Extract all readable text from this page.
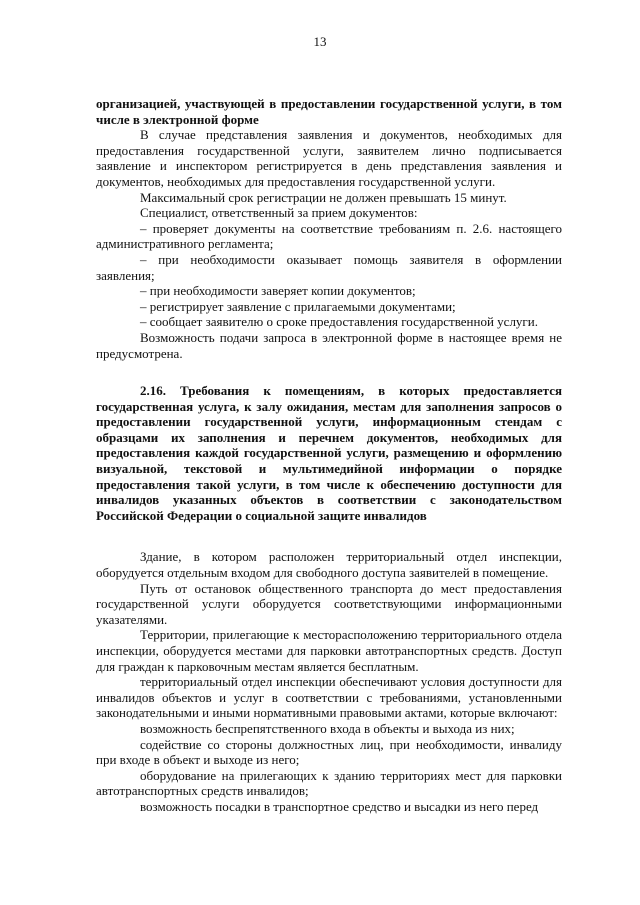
13

организацией, участвующей в предоставлении государственной услуги, в том числе в электронной форме

В случае представления заявления и документов, необходимых для предоставления государственной услуги, заявителем лично подписывается заявление и инспектором регистрируется в день представления заявления и документов, необходимых для предоставления государственной услуги.

Максимальный срок регистрации не должен превышать 15 минут.

Специалист, ответственный за прием документов:

– проверяет документы на соответствие требованиям п. 2.6. настоящего административного регламента;

– при необходимости оказывает помощь заявителя в оформлении заявления;

– при необходимости заверяет копии документов;

– регистрирует заявление с прилагаемыми документами;

– сообщает заявителю о сроке предоставления государственной услуги.

Возможность подачи запроса в электронной форме в настоящее время не предусмотрена.

2.16. Требования к помещениям, в которых предоставляется государственная услуга, к залу ожидания, местам для заполнения запросов о предоставлении государственной услуги, информационным стендам с образцами их заполнения и перечнем документов, необходимых для предоставления каждой государственной услуги, размещению и оформлению визуальной, текстовой и мультимедийной информации о порядке предоставления такой услуги, в том числе к обеспечению доступности для инвалидов указанных объектов в соответствии с законодательством Российской Федерации о социальной защите инвалидов

Здание, в котором расположен территориальный отдел инспекции, оборудуется отдельным входом для свободного доступа заявителей в помещение.

Путь от остановок общественного транспорта до мест предоставления государственной услуги оборудуется соответствующими информационными указателями.

Территории, прилегающие к месторасположению территориального отдела инспекции, оборудуется местами для парковки автотранспортных средств. Доступ для граждан к парковочным местам является бесплатным.

территориальный отдел инспекции обеспечивают условия доступности для инвалидов объектов и услуг в соответствии с требованиями, установленными законодательными и иными нормативными правовыми актами, которые включают:

возможность беспрепятственного входа в объекты и выхода из них;

содействие со стороны должностных лиц, при необходимости, инвалиду при входе в объект и выходе из него;

оборудование на прилегающих к зданию территориях мест для парковки автотранспортных средств инвалидов;

возможность посадки в транспортное средство и высадки из него перед
